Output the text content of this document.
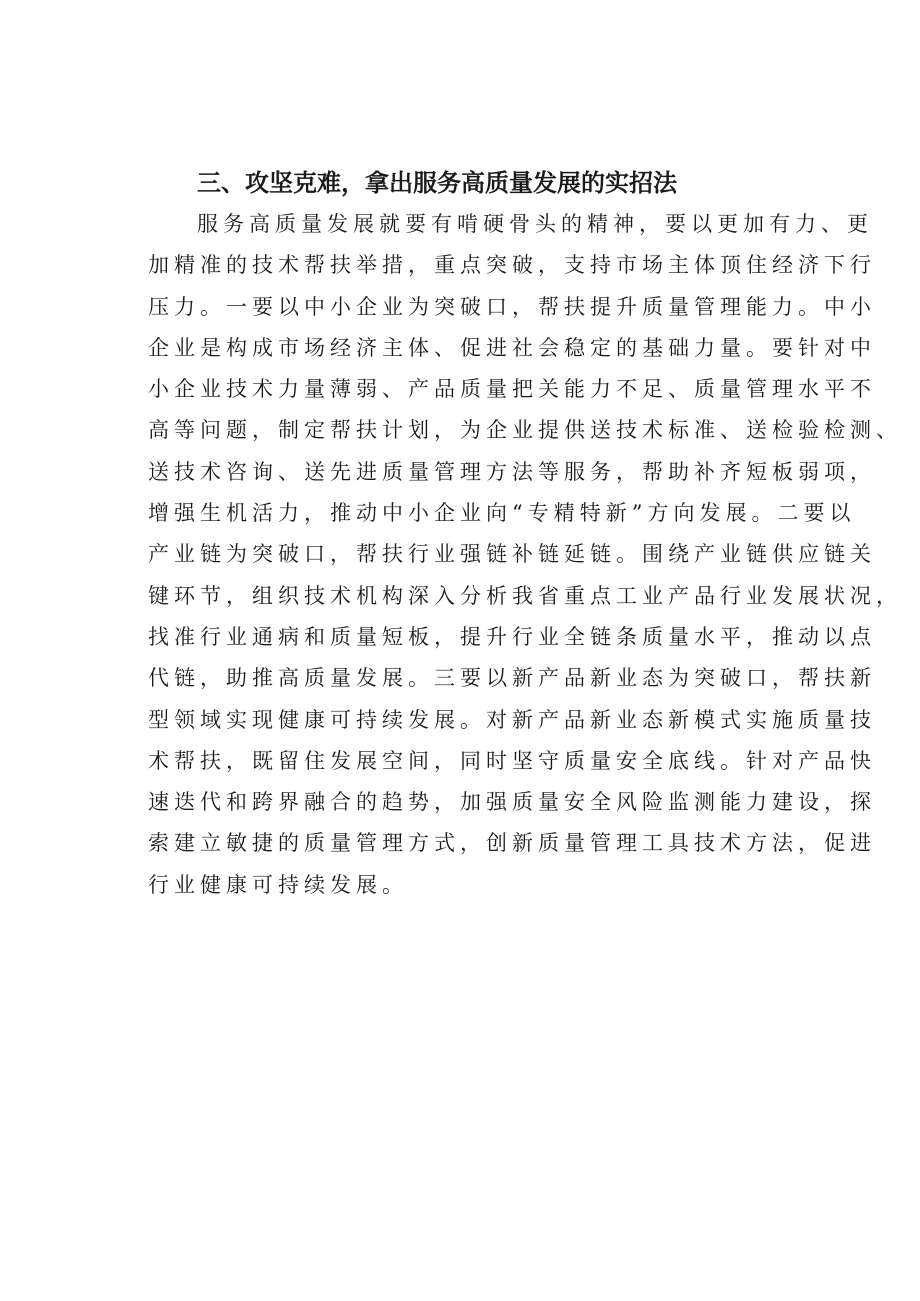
三、攻坚克难，拿出服务高质量发展的实招法
服务高质量发展就要有啃硬骨头的精神，要以更加有力、更
加精准的技术帮扶举措，重点突破，支持市场主体顶住经济下行
压力。一要以中小企业为突破口，帮扶提升质量管理能力。中小
企业是构成市场经济主体、促进社会稳定的基础力量。要针对中
小企业技术力量薄弱、产品质量把关能力不足、质量管理水平不
高等问题，制定帮扶计划，为企业提供送技术标准、送检验检测、
送技术咨询、送先进质量管理方法等服务，帮助补齐短板弱项，
增强生机活力，推动中小企业向“专精特新”方向发展。二要以
产业链为突破口，帮扶行业强链补链延链。围绕产业链供应链关
键环节，组织技术机构深入分析我省重点工业产品行业发展状况，
找准行业通病和质量短板，提升行业全链条质量水平，推动以点
代链，助推高质量发展。三要以新产品新业态为突破口，帮扶新
型领域实现健康可持续发展。对新产品新业态新模式实施质量技
术帮扶，既留住发展空间，同时坚守质量安全底线。针对产品快
速迭代和跨界融合的趋势，加强质量安全风险监测能力建设，探
索建立敏捷的质量管理方式，创新质量管理工具技术方法，促进
行业健康可持续发展。
